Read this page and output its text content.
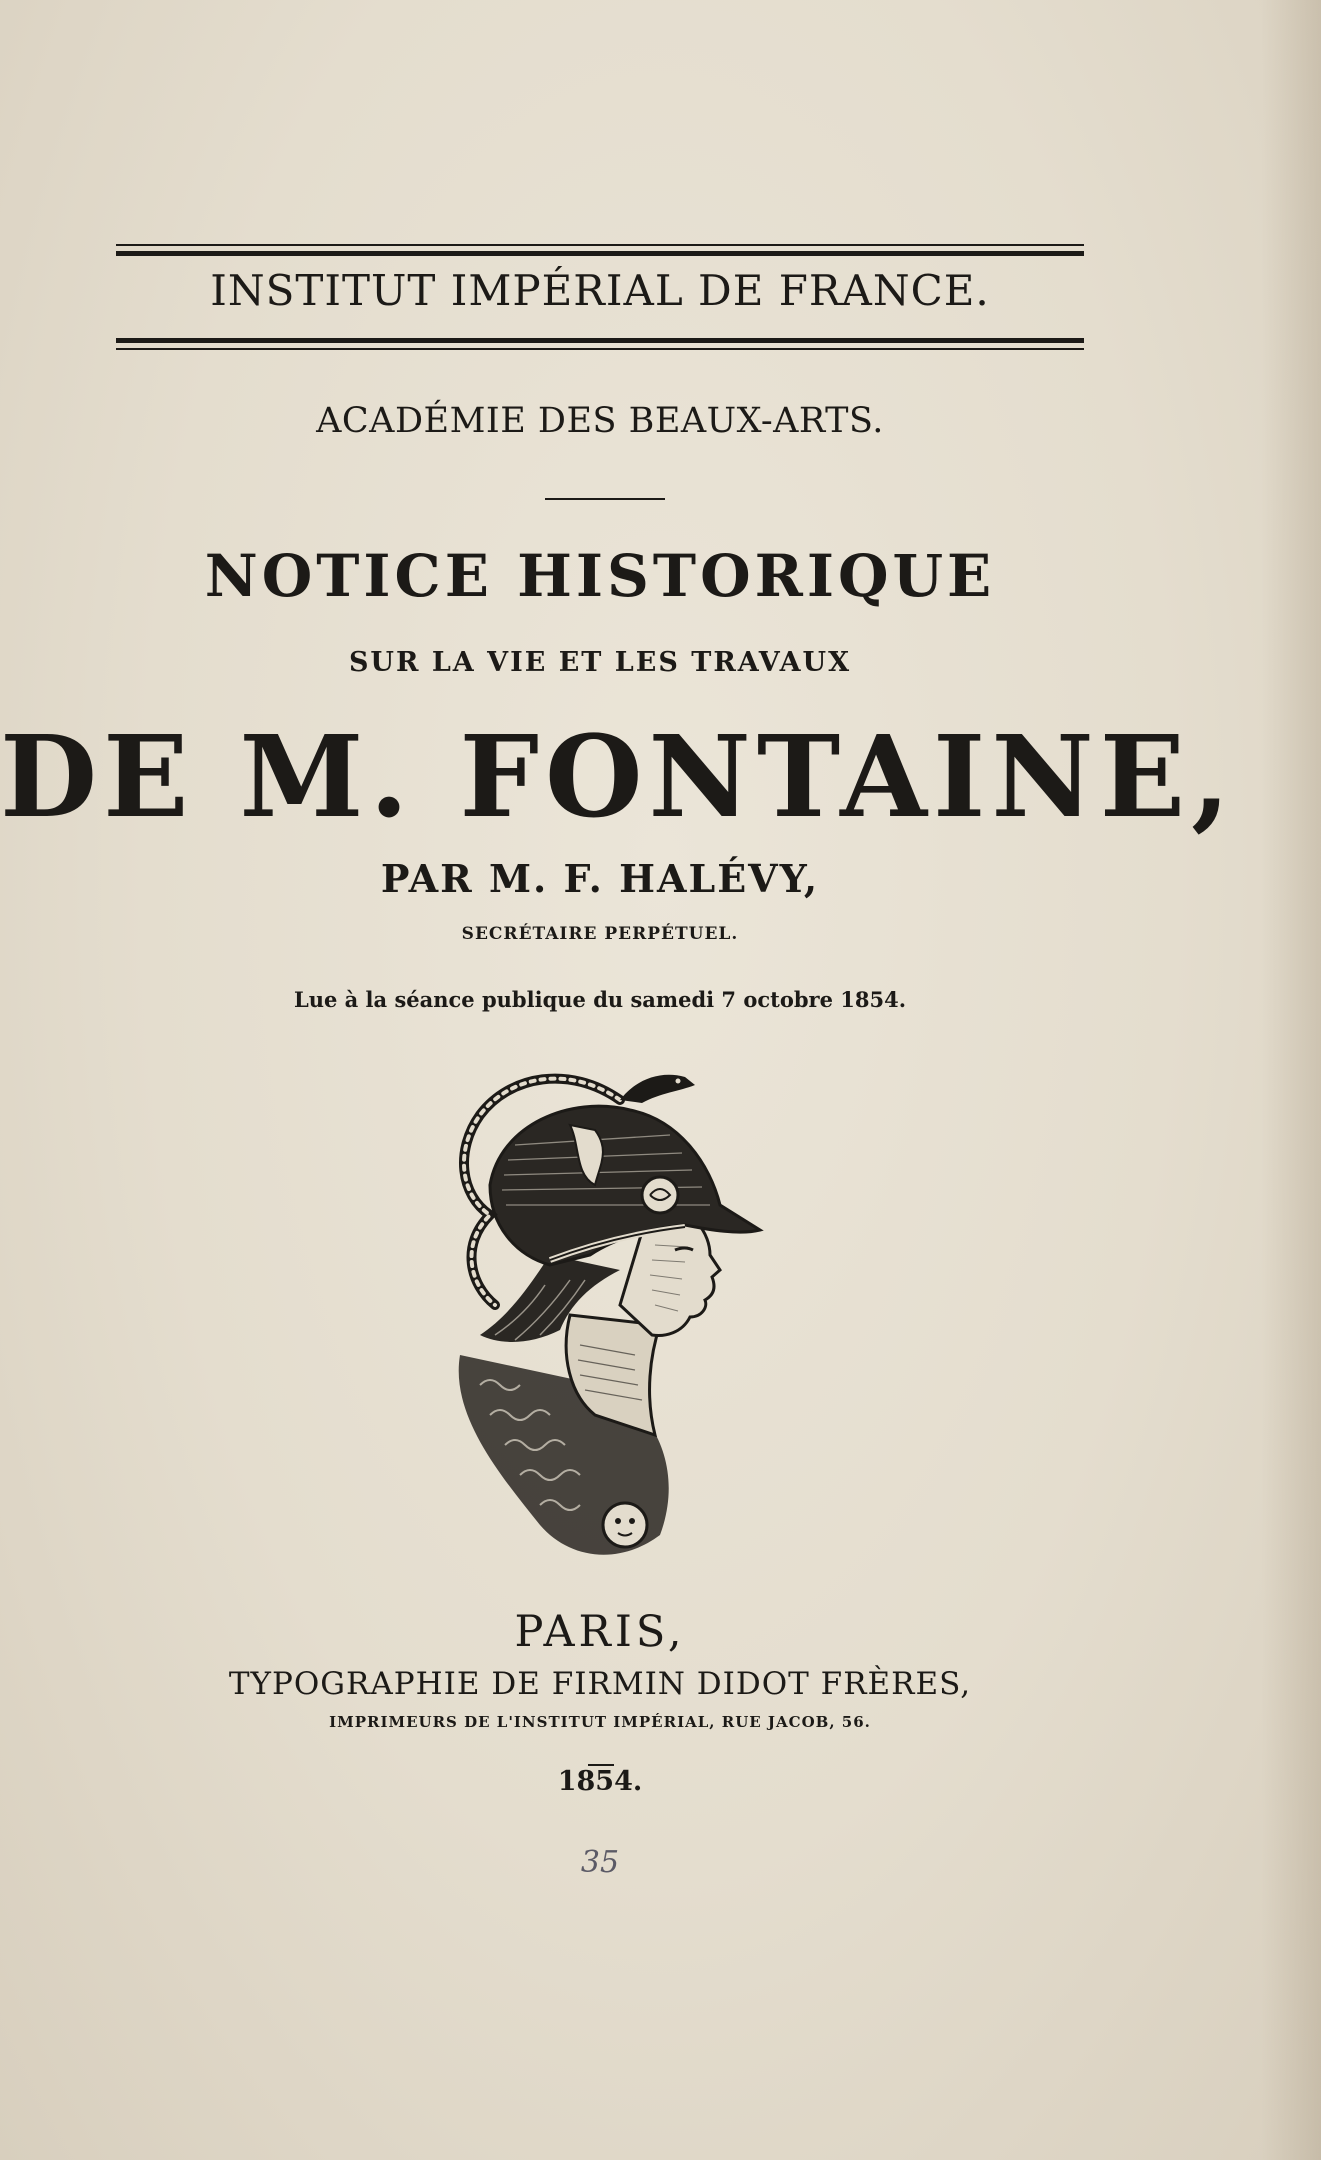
INSTITUT IMPÉRIAL DE FRANCE.
ACADÉMIE DES BEAUX-ARTS.
NOTICE HISTORIQUE
SUR LA VIE ET LES TRAVAUX
DE M. FONTAINE,
PAR M. F. HALÉVY,
SECRÉTAIRE PERPÉTUEL.
Lue à la séance publique du samedi 7 octobre 1854.
PARIS,
TYPOGRAPHIE DE FIRMIN DIDOT FRÈRES,
IMPRIMEURS DE L'INSTITUT IMPÉRIAL, RUE JACOB, 56.
1854.
35
